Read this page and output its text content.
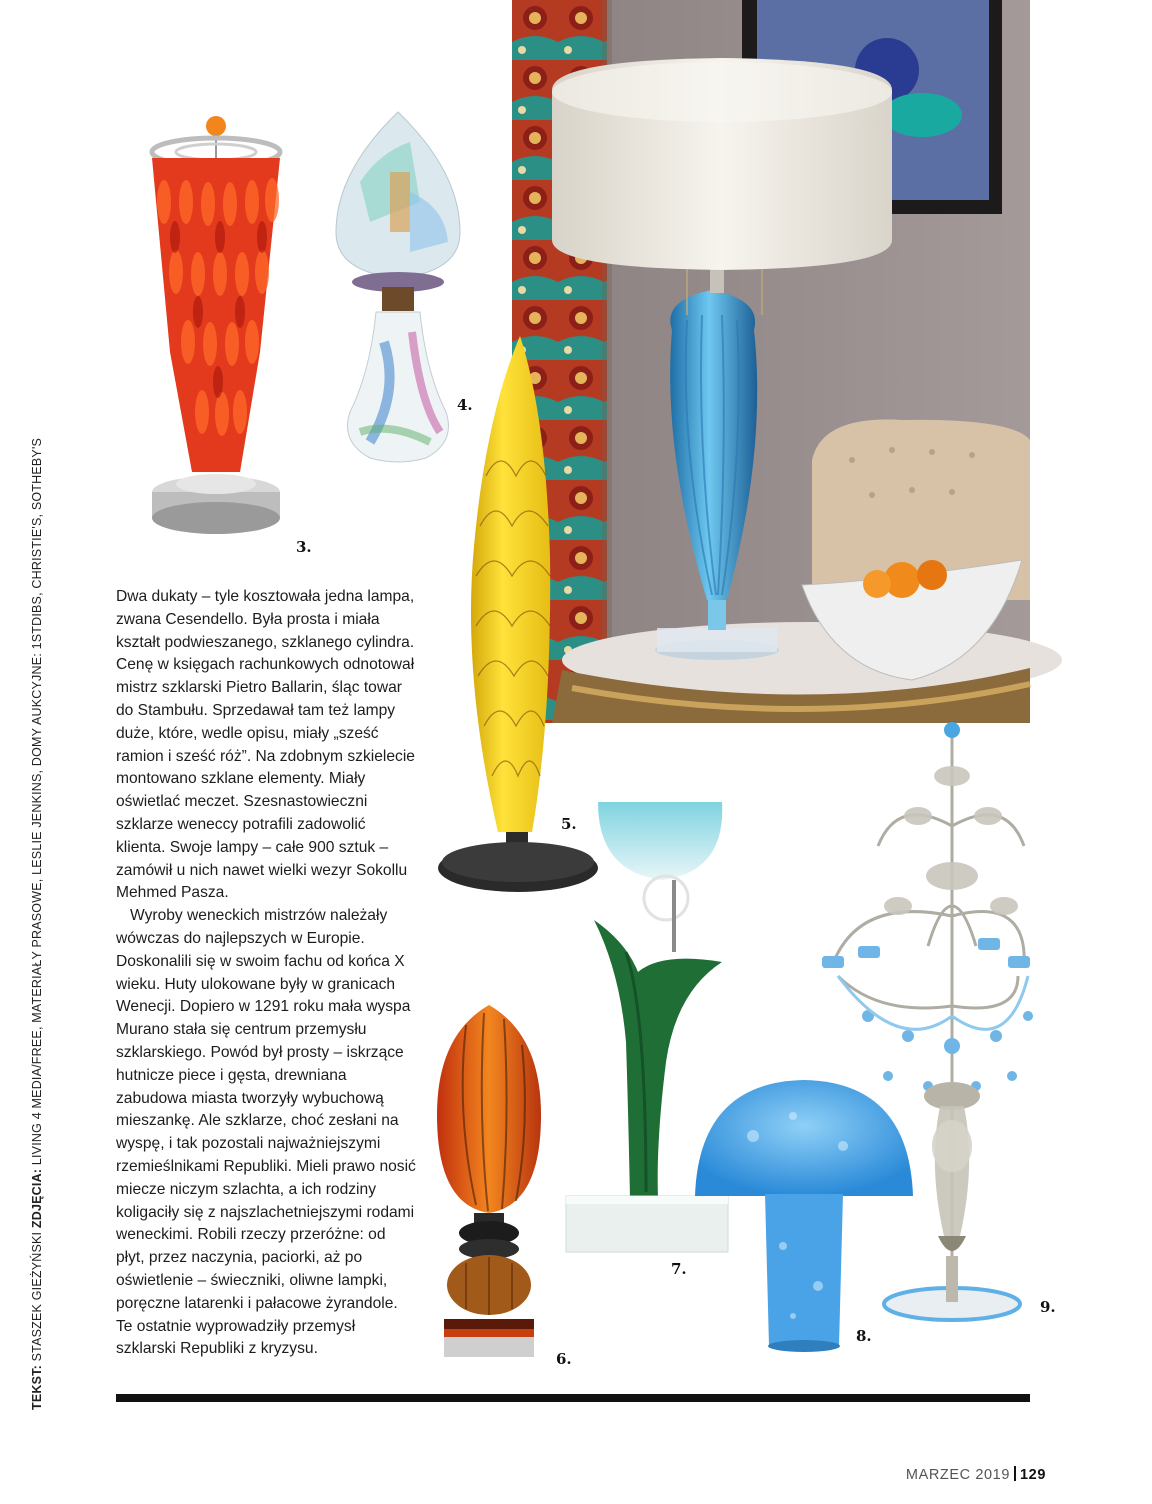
TEKST: STASZEK GIEŻYŃSKI ZDJĘCIA: LIVING 4 MEDIA/FREE, MATERIAŁY PRASOWE, LESLIE JENKINS, DOMY AUKCYJNE: 1STDIBS, CHRISTIE'S, SOTHEBY'S	3.
4.
5.
6.
7.
8.
9.

Dwa dukaty – tyle kosztowała jedna lampa, zwana Cesendello. Była prosta i miała kształt podwieszanego, szklanego cylindra. Cenę w księgach rachunkowych odnotował mistrz szklarski Pietro Ballarin, śląc towar do Stambułu. Sprzedawał tam też lampy duże, które, wedle opisu, miały „sześć ramion i sześć róż”. Na zdobnym szkielecie montowano szklane elementy. Miały oświetlać meczet. Szesnastowieczni szklarze weneccy potrafili zadowolić klienta. Swoje lampy – całe 900 sztuk – zamówił u nich nawet wielki wezyr Sokollu Mehmed Pasza.

Wyroby weneckich mistrzów należały wówczas do najlepszych w Europie. Doskonalili się w swoim fachu od końca X wieku. Huty ulokowane były w granicach Wenecji. Dopiero w 1291 roku mała wyspa Murano stała się centrum przemysłu szklarskiego. Powód był prosty – iskrzące hutnicze piece i gęsta, drewniana zabudowa miasta tworzyły wybuchową mieszankę. Ale szklarze, choć zesłani na wyspę, i tak pozostali najważniejszymi rzemieślnikami Republiki. Mieli prawo nosić miecze niczym szlachta, a ich rodziny koligaciły się z najszlachetniejszymi rodami weneckimi. Robili rzeczy przeróżne: od płyt, przez naczynia, paciorki, aż po oświetlenie – świeczniki, oliwne lampki, poręczne latarenki i pałacowe żyrandole. Te ostatnie wyprowadziły przemysł szklarski Republiki z kryzysu.

MARZEC 2019 129
